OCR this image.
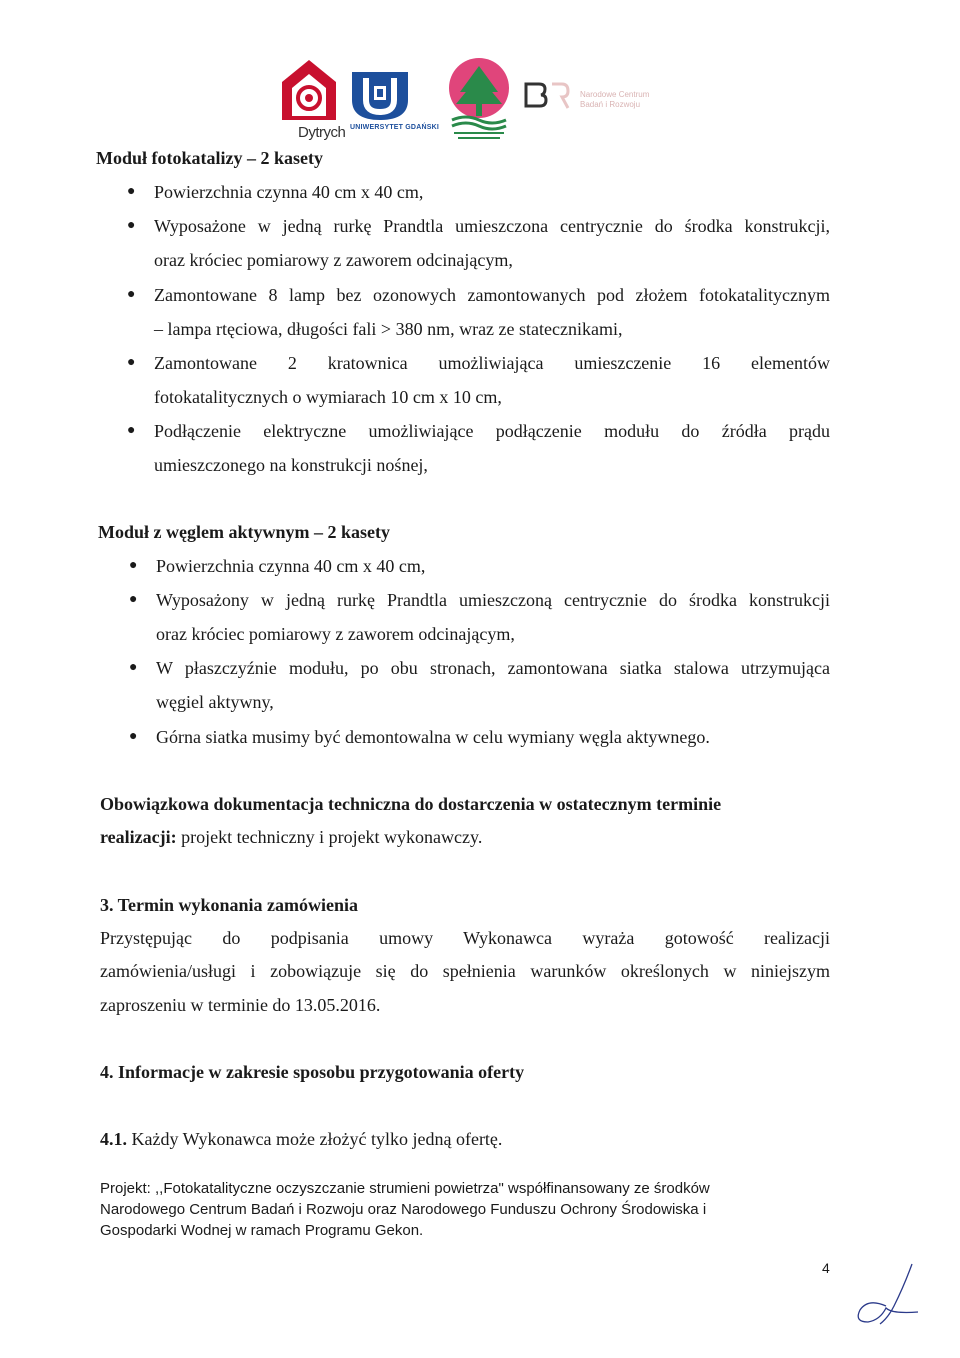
Dytrych UNIWERSYTET GDAŃSKI
Narodowe Centrum Badań i Rozwoju
Moduł fotokatalizy – 2 kasety
● Powierzchnia czynna 40 cm x 40 cm,
● Wyposażone w jedną rurkę Prandtla umieszczona centrycznie do środka konstrukcji,
oraz króciec pomiarowy z zaworem odcinającym,
● Zamontowane 8 lamp bez ozonowych zamontowanych pod złożem fotokatalitycznym
– lampa rtęciowa, długości fali > 380 nm, wraz ze statecznikami,
● Zamontowane 2 kratownica umożliwiająca umieszczenie 16 elementów
fotokatalitycznych o wymiarach 10 cm x 10 cm,
● Podłączenie elektryczne umożliwiające podłączenie modułu do źródła prądu
umieszczonego na konstrukcji nośnej,
Moduł z węglem aktywnym – 2 kasety
● Powierzchnia czynna 40 cm x 40 cm,
● Wyposażony w jedną rurkę Prandtla umieszczoną centrycznie do środka konstrukcji
oraz króciec pomiarowy z zaworem odcinającym,
● W płaszczyźnie modułu, po obu stronach, zamontowana siatka stalowa utrzymująca
węgiel aktywny,
● Górna siatka musimy być demontowalna w celu wymiany węgla aktywnego.
Obowiązkowa dokumentacja techniczna do dostarczenia w ostatecznym terminie
realizacji: projekt techniczny i projekt wykonawczy.
3. Termin wykonania zamówienia
Przystępując do podpisania umowy Wykonawca wyraża gotowość realizacji
zamówienia/usługi i zobowiązuje się do spełnienia warunków określonych w niniejszym
zaproszeniu w terminie do 13.05.2016.
4. Informacje w zakresie sposobu przygotowania oferty
4.1. Każdy Wykonawca może złożyć tylko jedną ofertę.
Projekt: ,,Fotokatalityczne oczyszczanie strumieni powietrza" współfinansowany ze środków
Narodowego Centrum Badań i Rozwoju oraz Narodowego Funduszu Ochrony Środowiska i
Gospodarki Wodnej w ramach Programu Gekon.
4
